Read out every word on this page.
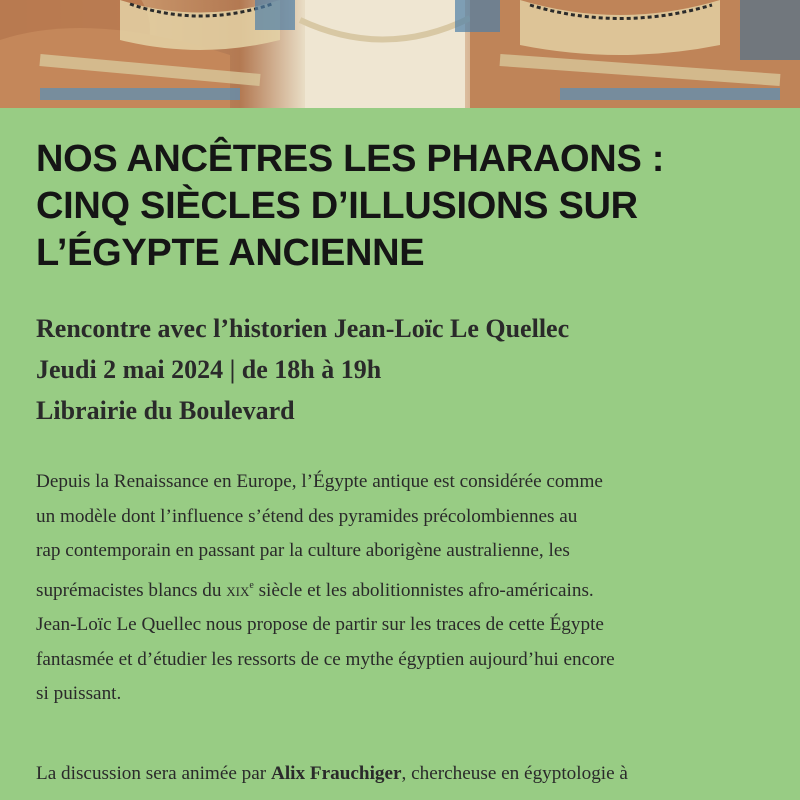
NOS ANCÊTRES LES PHARAONS :
CINQ SIÈCLES D’ILLUSIONS SUR
L’ÉGYPTE ANCIENNE
Rencontre avec l’historien Jean-Loïc Le Quellec
Jeudi 2 mai 2024 | de 18h à 19h
Librairie du Boulevard
Depuis la Renaissance en Europe, l’Égypte antique est considérée comme
un modèle dont l’influence s’étend des pyramides précolombiennes au
rap contemporain en passant par la culture aborigène australienne, les
suprémacistes blancs du xix$^e$ siècle et les abolitionnistes afro-américains.
Jean-Loïc Le Quellec nous propose de partir sur les traces de cette Égypte
fantasmée et d’étudier les ressorts de ce mythe égyptien aujourd’hui encore
si puissant.
La discussion sera animée par Alix Frauchiger, chercheuse en égyptologie à
